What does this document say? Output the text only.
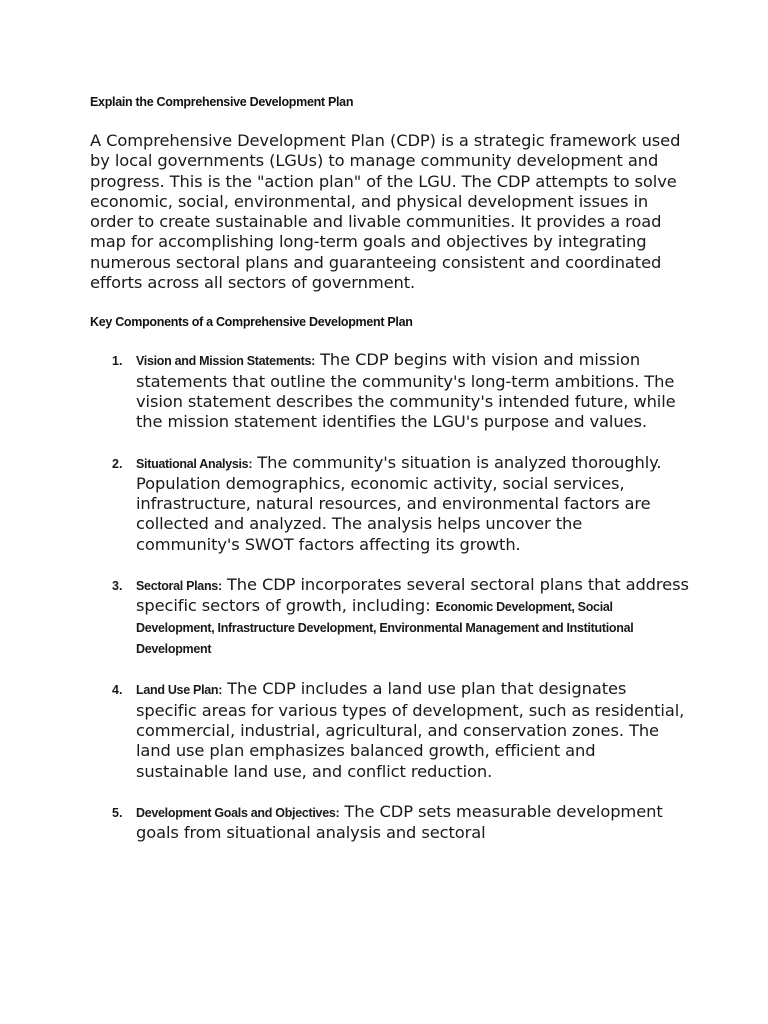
Explain the Comprehensive Development Plan

A Comprehensive Development Plan (CDP) is a strategic framework used by local governments (LGUs) to manage community development and progress. This is the "action plan" of the LGU. The CDP attempts to solve economic, social, environmental, and physical development issues in order to create sustainable and livable communities. It provides a road map for accomplishing long-term goals and objectives by integrating numerous sectoral plans and guaranteeing consistent and coordinated efforts across all sectors of government.

Key Components of a Comprehensive Development Plan

1. Vision and Mission Statements: The CDP begins with vision and mission statements that outline the community's long-term ambitions. The vision statement describes the community's intended future, while the mission statement identifies the LGU's purpose and values.

2. Situational Analysis: The community's situation is analyzed thoroughly. Population demographics, economic activity, social services, infrastructure, natural resources, and environmental factors are collected and analyzed. The analysis helps uncover the community's SWOT factors affecting its growth.

3. Sectoral Plans: The CDP incorporates several sectoral plans that address specific sectors of growth, including: Economic Development, Social Development, Infrastructure Development, Environmental Management and Institutional Development

4. Land Use Plan: The CDP includes a land use plan that designates specific areas for various types of development, such as residential, commercial, industrial, agricultural, and conservation zones. The land use plan emphasizes balanced growth, efficient and sustainable land use, and conflict reduction.

5. Development Goals and Objectives: The CDP sets measurable development goals from situational analysis and sectoral
